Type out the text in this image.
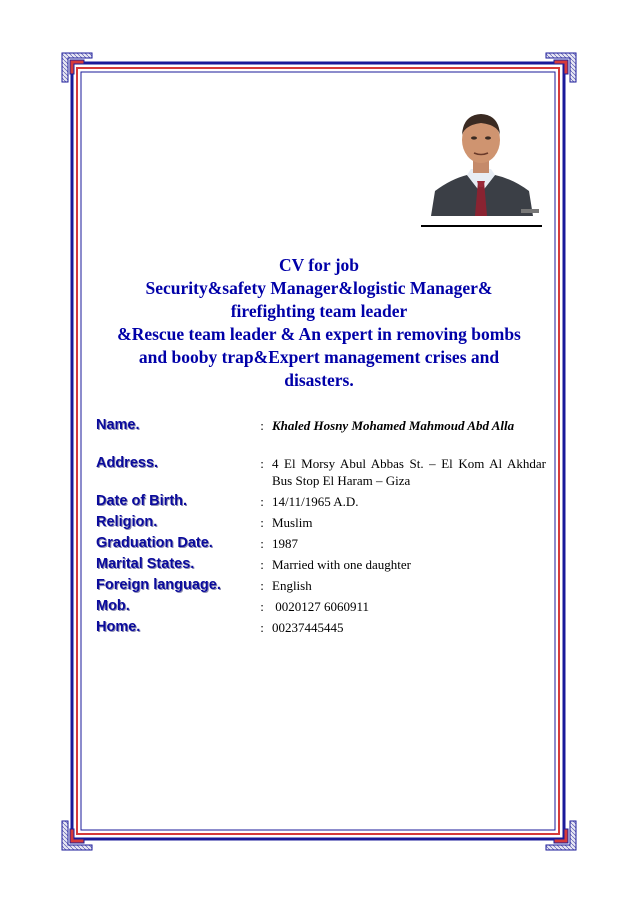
CV for job
Security&safety Manager&logistic Manager&
firefighting team leader
&Rescue team leader & An expert in removing bombs
and booby trap&Expert management crises and
disasters.
Name.	: Khaled Hosny Mohamed Mahmoud Abd Alla
Address.	: 4 El Morsy Abul Abbas St. – El Kom Al Akhdar Bus Stop El Haram – Giza
Date of Birth.	: 14/11/1965 A.D.
Religion.	: Muslim
Graduation Date.	: 1987
Marital States.	: Married with one daughter
Foreign language.	: English
Mob.	: 0020127 6060911
Home.	: 00237445445
